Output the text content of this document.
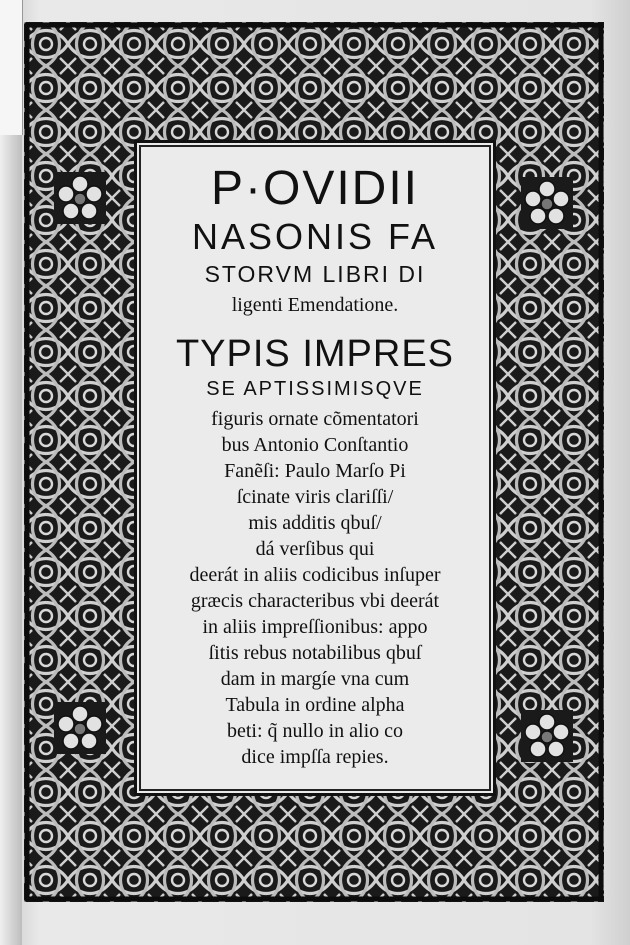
P·OVIDII
NASONIS FA
STORVM LIBRI DI
ligenti Emendatione.
TYPIS IMPRES
SE APTISSIMISQVE
figuris ornate cõmentatori
bus Antonio Conſtantio
Fanẽſi: Paulo Marſo Pi
ſcinate viris clariſſi/
mis additis qbuſ/
dá verſibus qui
deerát in aliis codicibus inſuper
græcis characteribus vbi deerát
in aliis impreſſionibus: appo
ſitis rebus notabilibus qbuſ
dam in margíe vna cum
Tabula in ordine alpha
beti: q̃ nullo in alio co
dice impſſa repies.
